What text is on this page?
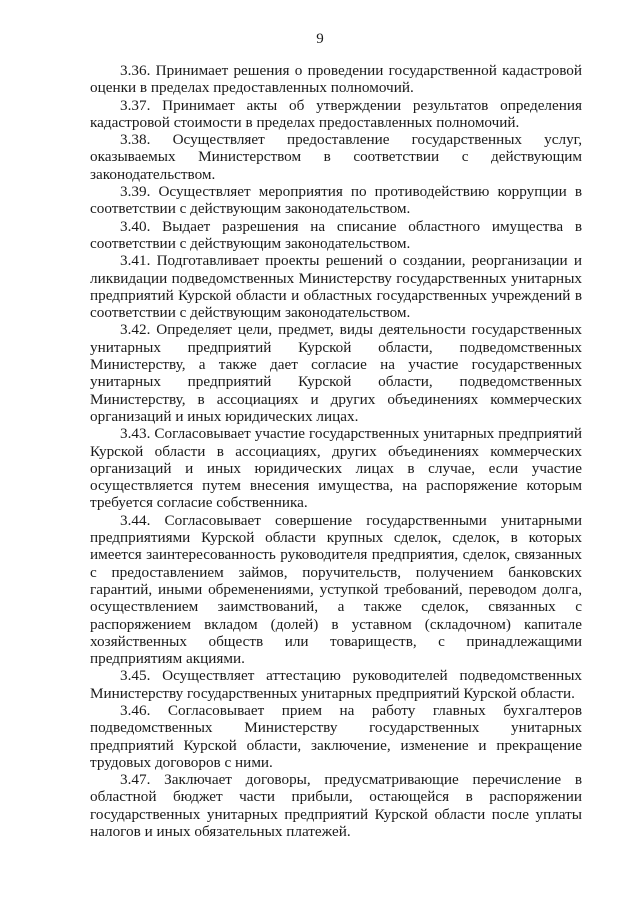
9

3.36. Принимает решения о проведении государственной кадастровой оценки в пределах предоставленных полномочий.

3.37. Принимает акты об утверждении результатов определения кадастровой стоимости в пределах предоставленных полномочий.

3.38. Осуществляет предоставление государственных услуг, оказываемых Министерством в соответствии с действующим законодательством.

3.39. Осуществляет мероприятия по противодействию коррупции в соответствии с действующим законодательством.

3.40. Выдает разрешения на списание областного имущества в соответствии с действующим законодательством.

3.41. Подготавливает проекты решений о создании, реорганизации и ликвидации подведомственных Министерству государственных унитарных предприятий Курской области и областных государственных учреждений в соответствии с действующим законодательством.

3.42. Определяет цели, предмет, виды деятельности государственных унитарных предприятий Курской области, подведомственных Министерству, а также дает согласие на участие государственных унитарных предприятий Курской области, подведомственных Министерству, в ассоциациях и других объединениях коммерческих организаций и иных юридических лицах.

3.43. Согласовывает участие государственных унитарных предприятий Курской области в ассоциациях, других объединениях коммерческих организаций и иных юридических лицах в случае, если участие осуществляется путем внесения имущества, на распоряжение которым требуется согласие собственника.

3.44. Согласовывает совершение государственными унитарными предприятиями Курской области крупных сделок, сделок, в которых имеется заинтересованность руководителя предприятия, сделок, связанных с предоставлением займов, поручительств, получением банковских гарантий, иными обременениями, уступкой требований, переводом долга, осуществлением заимствований, а также сделок, связанных с распоряжением вкладом (долей) в уставном (складочном) капитале хозяйственных обществ или товариществ, с принадлежащими предприятиям акциями.

3.45. Осуществляет аттестацию руководителей подведомственных Министерству государственных унитарных предприятий Курской области.

3.46. Согласовывает прием на работу главных бухгалтеров подведомственных Министерству государственных унитарных предприятий Курской области, заключение, изменение и прекращение трудовых договоров с ними.

3.47. Заключает договоры, предусматривающие перечисление в областной бюджет части прибыли, остающейся в распоряжении государственных унитарных предприятий Курской области после уплаты налогов и иных обязательных платежей.
